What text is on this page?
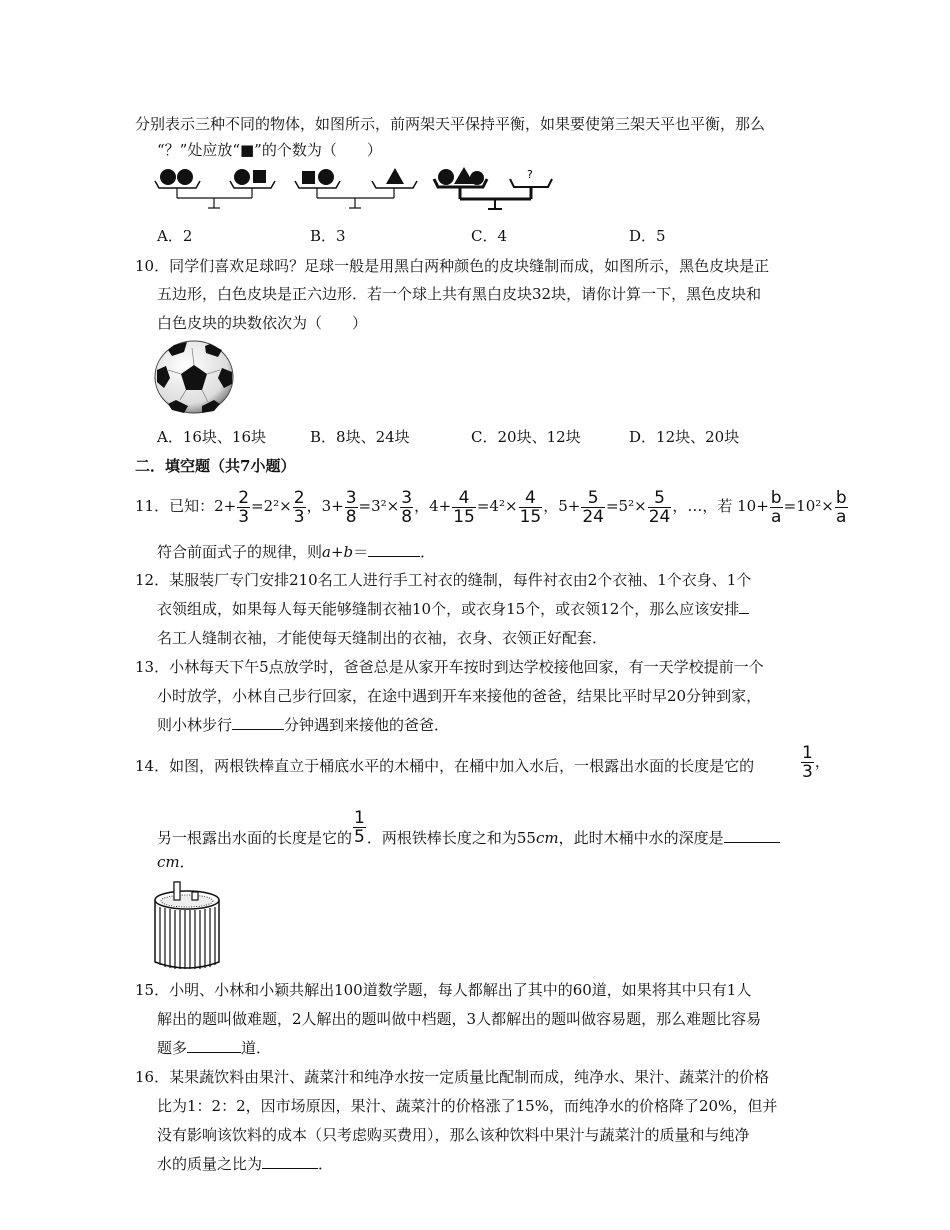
分别表示三种不同的物体，如图所示，前两架天平保持平衡，如果要使第三架天平也平衡，那么
“？”处应放“■”的个数为（　　）
?
A．2	B．3	C．4	D．5
10．同学们喜欢足球吗？足球一般是用黑白两种颜色的皮块缝制而成，如图所示，黑色皮块是正
五边形，白色皮块是正六边形．若一个球上共有黑白皮块32块，请你计算一下，黑色皮块和
白色皮块的块数依次为（　　）
A．16块、16块	B．8块、24块	C．20块、12块	D．12块、20块
二．填空题（共7小题）
11．已知：$2+ \frac{2}{3} =2^2\times \frac{2}{3}$ ，$3+ \frac{3}{8} =3^2\times \frac{3}{8}$ ，$4+ \frac{4}{15} =4^2\times \frac{4}{15}$ ，$5+ \frac{5}{24} =5^2\times \frac{5}{24}$ ，…，若 $10+ \frac{b}{a} =10^2\times \frac{b}{a}$
符合前面式子的规律，则a+b＝	．
12．某服装厂专门安排210名工人进行手工衬衣的缝制，每件衬衣由2个衣袖、1个衣身、1个
衣领组成，如果每人每天能够缝制衣袖10个，或衣身15个，或衣领12个，那么应该安排
名工人缝制衣袖，才能使每天缝制出的衣袖，衣身、衣领正好配套．
13．小林每天下午5点放学时，爸爸总是从家开车按时到达学校接他回家，有一天学校提前一个
小时放学，小林自己步行回家，在途中遇到开车来接他的爸爸，结果比平时早20分钟到家，
则小林步行	分钟遇到来接他的爸爸．
14．如图，两根铁棒直立于桶底水平的木桶中，在桶中加入水后，一根露出水面的长度是它的	$\frac{1}{3}$ ，
另一根露出水面的长度是它的 $\frac{1}{5}$ ．两根铁棒长度之和为55cm，此时木桶中水的深度是
cm．
15．小明、小林和小颖共解出100道数学题，每人都解出了其中的60道，如果将其中只有1人
解出的题叫做难题，2人解出的题叫做中档题，3人都解出的题叫做容易题，那么难题比容易
题多	道．
16．某果蔬饮料由果汁、蔬菜汁和纯净水按一定质量比配制而成，纯净水、果汁、蔬菜汁的价格
比为1：2：2，因市场原因，果汁、蔬菜汁的价格涨了15%，而纯净水的价格降了20%，但并
没有影响该饮料的成本（只考虑购买费用），那么该种饮料中果汁与蔬菜汁的质量和与纯净
水的质量之比为	．
